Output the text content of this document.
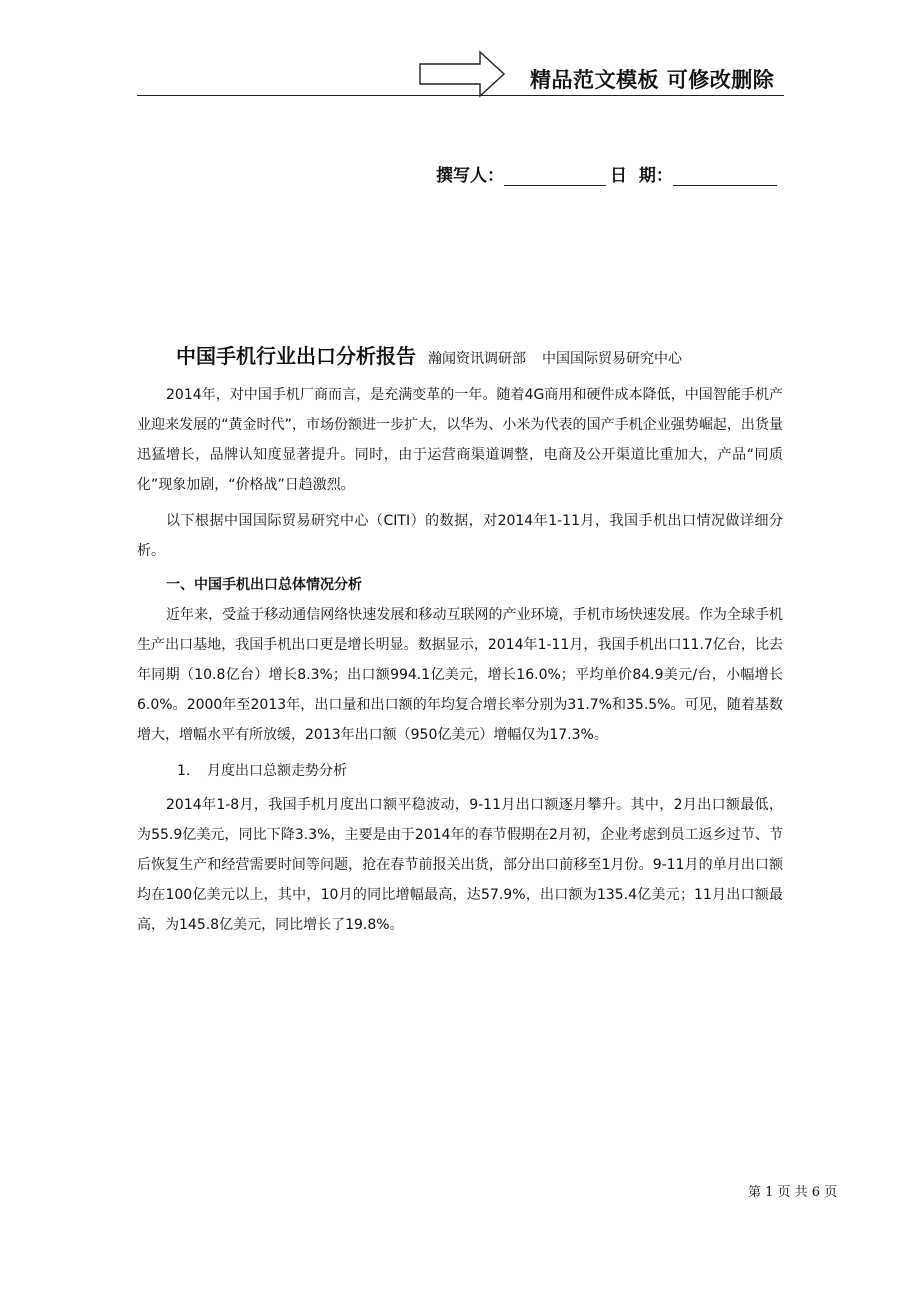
精品范文模板 可修改删除
撰写人：	日  期：
中国手机行业出口分析报告 瀚闻资讯调研部 中国国际贸易研究中心

2014年，对中国手机厂商而言，是充满变革的一年。随着4G商用和硬件成本降低，中国智能手机产业迎来发展的“黄金时代”，市场份额进一步扩大，以华为、小米为代表的国产手机企业强势崛起，出货量迅猛增长，品牌认知度显著提升。同时，由于运营商渠道调整，电商及公开渠道比重加大，产品“同质化”现象加剧，“价格战”日趋激烈。

以下根据中国国际贸易研究中心（CITI）的数据，对2014年1-11月，我国手机出口情况做详细分析。

一、中国手机出口总体情况分析

近年来，受益于移动通信网络快速发展和移动互联网的产业环境，手机市场快速发展。作为全球手机生产出口基地，我国手机出口更是增长明显。数据显示，2014年1-11月，我国手机出口11.7亿台，比去年同期（10.8亿台）增长8.3%；出口额994.1亿美元，增长16.0%；平均单价84.9美元/台，小幅增长6.0%。2000年至2013年，出口量和出口额的年均复合增长率分别为31.7%和35.5%。可见，随着基数增大，增幅水平有所放缓，2013年出口额（950亿美元）增幅仅为17.3%。

1. 月度出口总额走势分析

2014年1-8月，我国手机月度出口额平稳波动，9-11月出口额逐月攀升。其中，2月出口额最低，为55.9亿美元，同比下降3.3%，主要是由于2014年的春节假期在2月初，企业考虑到员工返乡过节、节后恢复生产和经营需要时间等问题，抢在春节前报关出货，部分出口前移至1月份。9-11月的单月出口额均在100亿美元以上，其中，10月的同比增幅最高，达57.9%，出口额为135.4亿美元；11月出口额最高，为145.8亿美元，同比增长了19.8%。

第 1 页 共 6 页
